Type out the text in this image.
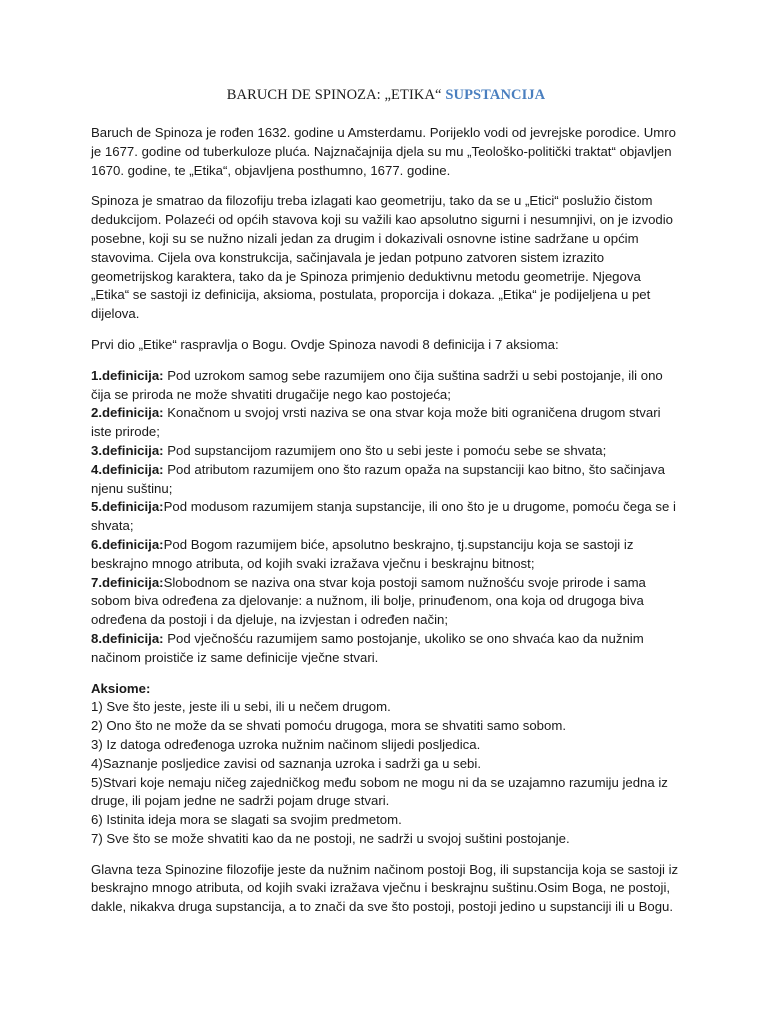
BARUCH DE SPINOZA: „ETIKA“ SUPSTANCIJA

Baruch de Spinoza je rođen 1632. godine u Amsterdamu. Porijeklo vodi od jevrejske porodice. Umro je 1677. godine od tuberkuloze pluća. Najznačajnija djela su mu „Teološko-politički traktat“ objavljen 1670. godine, te „Etika“, objavljena posthumno, 1677. godine.

Spinoza je smatrao da filozofiju treba izlagati kao geometriju, tako da se u „Etici“ poslužio čistom dedukcijom. Polazeći od općih stavova koji su važili kao apsolutno sigurni i nesumnjivi, on je izvodio posebne, koji su se nužno nizali jedan za drugim i dokazivali osnovne istine sadržane u općim stavovima. Cijela ova konstrukcija, sačinjavala je jedan potpuno zatvoren sistem izrazito geometrijskog karaktera, tako da je Spinoza primjenio deduktivnu metodu geometrije. Njegova „Etika“ se sastoji iz definicija, aksioma, postulata, proporcija i dokaza. „Etika“ je podijeljena u pet dijelova.

Prvi dio „Etike“ raspravlja o Bogu. Ovdje Spinoza navodi 8 definicija i 7 aksioma:

1.definicija: Pod uzrokom samog sebe razumijem ono čija suština sadrži u sebi postojanje, ili ono čija se priroda ne može shvatiti drugačije nego kao postojeća;
2.definicija: Konačnom u svojoj vrsti naziva se ona stvar koja može biti ograničena drugom stvari iste prirode;
3.definicija: Pod supstancijom razumijem ono što u sebi jeste i pomoću sebe se shvata;
4.definicija: Pod atributom razumijem ono što razum opaža na supstanciji kao bitno, što sačinjava njenu suštinu;
5.definicija:Pod modusom razumijem stanja supstancije, ili ono što je u drugome, pomoću čega se i shvata;
6.definicija:Pod Bogom razumijem biće, apsolutno beskrajno, tj.supstanciju koja se sastoji iz beskrajno mnogo atributa, od kojih svaki izražava vječnu i beskrajnu bitnost;
7.definicija:Slobodnom se naziva ona stvar koja postoji samom nužnošću svoje prirode i sama sobom biva određena za djelovanje: a nužnom, ili bolje, prinuđenom, ona koja od drugoga biva određena da postoji i da djeluje, na izvjestan i određen način;
8.definicija: Pod vječnošću razumijem samo postojanje, ukoliko se ono shvaća kao da nužnim načinom proističe iz same definicije vječne stvari.
Aksiome:
1) Sve što jeste, jeste ili u sebi, ili u nečem drugom.
2) Ono što ne može da se shvati pomoću drugoga, mora se shvatiti samo sobom.
3) Iz datoga određenoga uzroka nužnim načinom slijedi posljedica.
4)Saznanje posljedice zavisi od saznanja uzroka i sadrži ga u sebi.
5)Stvari koje nemaju ničeg zajedničkog među sobom ne mogu ni da se uzajamno razumiju jedna iz druge, ili pojam jedne ne sadrži pojam druge stvari.
6) Istinita ideja mora se slagati sa svojim predmetom.
7) Sve što se može shvatiti kao da ne postoji, ne sadrži u svojoj suštini postojanje.

Glavna teza Spinozine filozofije jeste da nužnim načinom postoji Bog, ili supstancija koja se sastoji iz beskrajno mnogo atributa, od kojih svaki izražava vječnu i beskrajnu suštinu.Osim Boga, ne postoji, dakle, nikakva druga supstancija, a to znači da sve što postoji, postoji jedino u supstanciji ili u Bogu.
